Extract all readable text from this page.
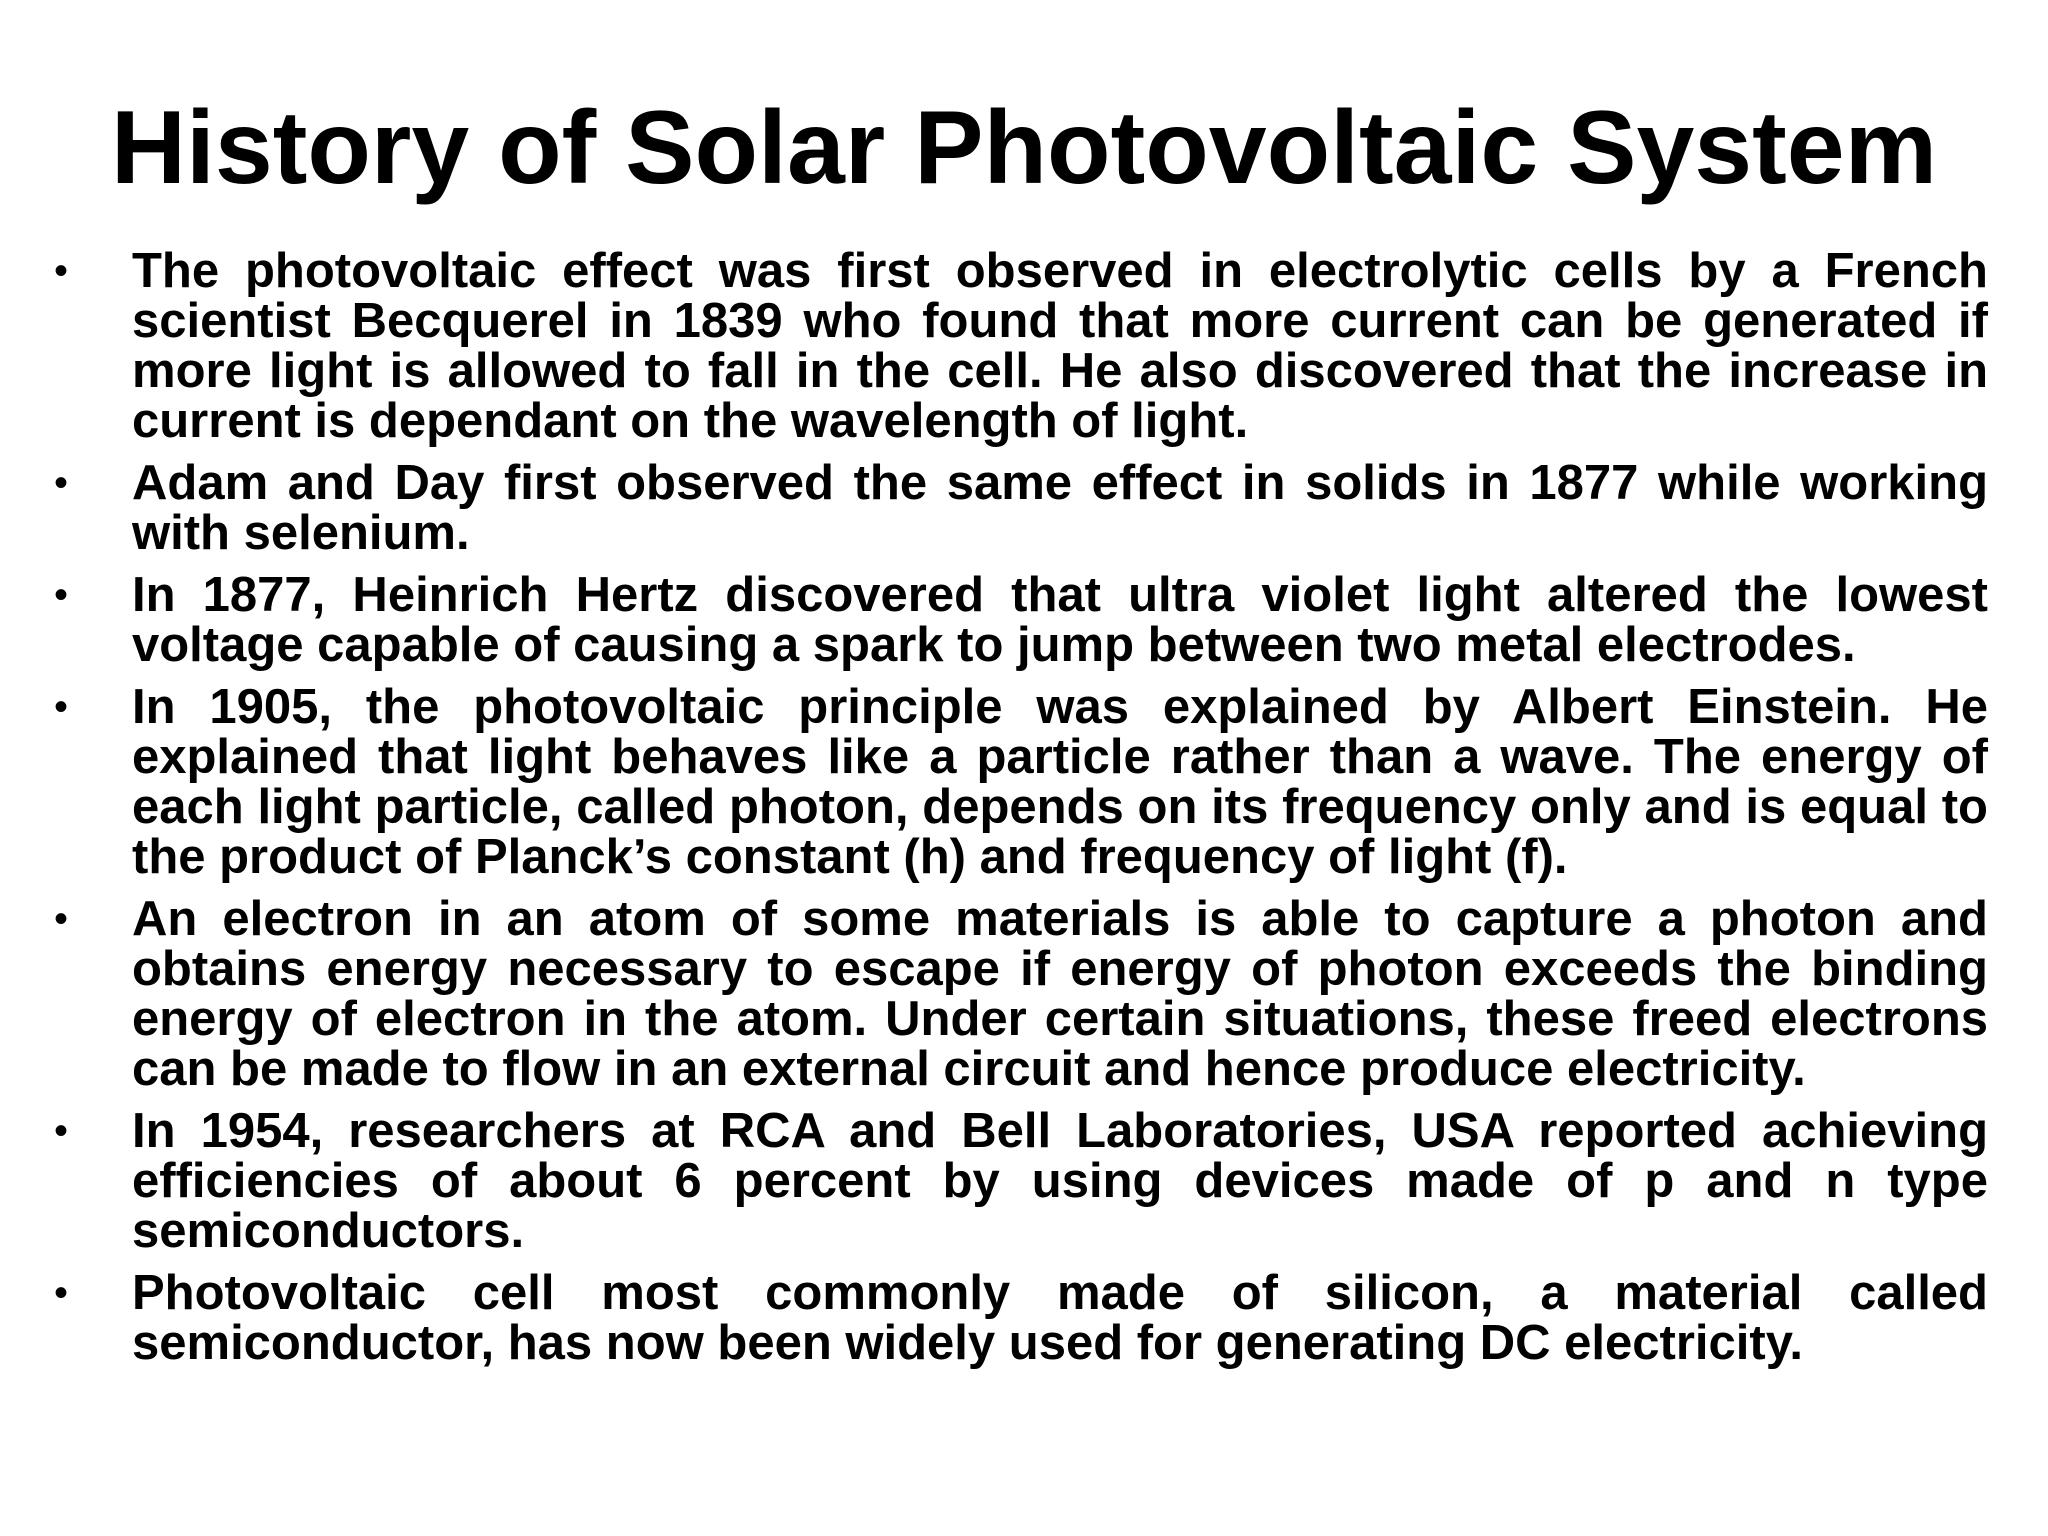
History of Solar Photovoltaic System
• The photovoltaic effect was first observed in electrolytic cells by a French scientist Becquerel in 1839 who found that more current can be generated if more light is allowed to fall in the cell. He also discovered that the increase in current is dependant on the wavelength of light.
• Adam and Day first observed the same effect in solids in 1877 while working with selenium.
• In 1877, Heinrich Hertz discovered that ultra violet light altered the lowest voltage capable of causing a spark to jump between two metal electrodes.
• In 1905, the photovoltaic principle was explained by Albert Einstein. He explained that light behaves like a particle rather than a wave. The energy of each light particle, called photon, depends on its frequency only and is equal to the product of Planck’s constant (h) and frequency of light (f).
• An electron in an atom of some materials is able to capture a photon and obtains energy necessary to escape if energy of photon exceeds the binding energy of electron in the atom. Under certain situations, these freed electrons can be made to flow in an external circuit and hence produce electricity.
• In 1954, researchers at RCA and Bell Laboratories, USA reported achieving efficiencies of about 6 percent by using devices made of p and n type semiconductors.
• Photovoltaic cell most commonly made of silicon, a material called semiconductor, has now been widely used for generating DC electricity.
